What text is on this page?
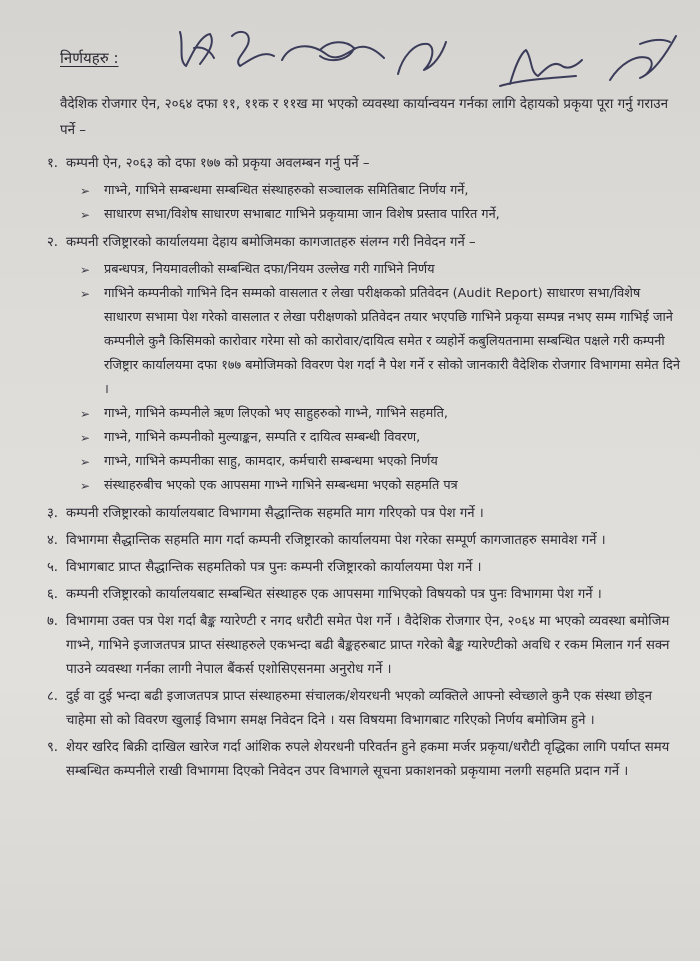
निर्णयहरु :
वैदेशिक रोजगार ऐन, २०६४ दफा ११, ११क र ११ख मा भएको व्यवस्था कार्यान्वयन गर्नका लागि देहायको प्रकृया पूरा गर्नु गराउन पर्ने –
१. कम्पनी ऐन, २०६३ को दफा १७७ को प्रकृया अवलम्बन गर्नु पर्ने –
➢	गाभ्ने, गाभिने सम्बन्धमा सम्बन्धित संस्थाहरुको सञ्चालक समितिबाट निर्णय गर्ने,
➢	साधारण सभा/विशेष साधारण सभाबाट गाभिने प्रकृयामा जान विशेष प्रस्ताव पारित गर्ने,
२. कम्पनी रजिष्ट्रारको कार्यालयमा देहाय बमोजिमका कागजातहरु संलग्न गरी निवेदन गर्ने –
➢	प्रबन्धपत्र, नियमावलीको सम्बन्धित दफा/नियम उल्लेख गरी गाभिने निर्णय
➢	गाभिने कम्पनीको गाभिने दिन सम्मको वासलात र लेखा परीक्षकको प्रतिवेदन (Audit Report) साधारण सभा/विशेष साधारण सभामा पेश गरेको वासलात र लेखा परीक्षणको प्रतिवेदन तयार भएपछि गाभिने प्रकृया सम्पन्न नभए सम्म गाभिई जाने कम्पनीले कुनै किसिमको कारोवार गरेमा सो को कारोवार/दायित्व समेत र व्यहोर्ने कबुलियतनामा सम्बन्धित पक्षले गरी कम्पनी रजिष्ट्रार कार्यालयमा दफा १७७ बमोजिमको विवरण पेश गर्दा नै पेश गर्ने र सोको जानकारी वैदेशिक रोजगार विभागमा समेत दिने ।
➢	गाभ्ने, गाभिने कम्पनीले ऋण लिएको भए साहुहरुको गाभ्ने, गाभिने सहमति,
➢	गाभ्ने, गाभिने कम्पनीको मुल्याङ्कन, सम्पति र दायित्व सम्बन्धी विवरण,
➢	गाभ्ने, गाभिने कम्पनीका साहु, कामदार, कर्मचारी सम्बन्धमा भएको निर्णय
➢	संस्थाहरुबीच भएको एक आपसमा गाभ्ने गाभिने सम्बन्धमा भएको सहमति पत्र
३. कम्पनी रजिष्ट्रारको कार्यालयबाट विभागमा सैद्धान्तिक सहमति माग गरिएको पत्र पेश गर्ने ।
४. विभागमा सैद्धान्तिक सहमति माग गर्दा कम्पनी रजिष्ट्रारको कार्यालयमा पेश गरेका सम्पूर्ण कागजातहरु समावेश गर्ने ।
५. विभागबाट प्राप्त सैद्धान्तिक सहमतिको पत्र पुनः कम्पनी रजिष्ट्रारको कार्यालयमा पेश गर्ने ।
६. कम्पनी रजिष्ट्रारको कार्यालयबाट सम्बन्धित संस्थाहरु एक आपसमा गाभिएको विषयको पत्र पुनः विभागमा पेश गर्ने ।
७. विभागमा उक्त पत्र पेश गर्दा बैङ्क ग्यारेण्टी र नगद धरौटी समेत पेश गर्ने । वैदेशिक रोजगार ऐन, २०६४ मा भएको व्यवस्था बमोजिम गाभ्ने, गाभिने इजाजतपत्र प्राप्त संस्थाहरुले एकभन्दा बढी बैङ्कहरुबाट प्राप्त गरेको बैङ्क ग्यारेण्टीको अवधि र रकम मिलान गर्न सक्न पाउने व्यवस्था गर्नका लागी नेपाल बैंकर्स एशोसिएसनमा अनुरोध गर्ने ।
८. दुई वा दुई भन्दा बढी इजाजतपत्र प्राप्त संस्थाहरुमा संचालक/शेयरधनी भएको व्यक्तिले आफ्नो स्वेच्छाले कुनै एक संस्था छोड्न चाहेमा सो को विवरण खुलाई विभाग समक्ष निवेदन दिने । यस विषयमा विभागबाट गरिएको निर्णय बमोजिम हुने ।
९. शेयर खरिद बिक्री दाखिल खारेज गर्दा आंशिक रुपले शेयरधनी परिवर्तन हुने हकमा मर्जर प्रकृया/धरौटी वृद्धिका लागि पर्याप्त समय सम्बन्धित कम्पनीले राखी विभागमा दिएको निवेदन उपर विभागले सूचना प्रकाशनको प्रकृयामा नलगी सहमति प्रदान गर्ने ।
